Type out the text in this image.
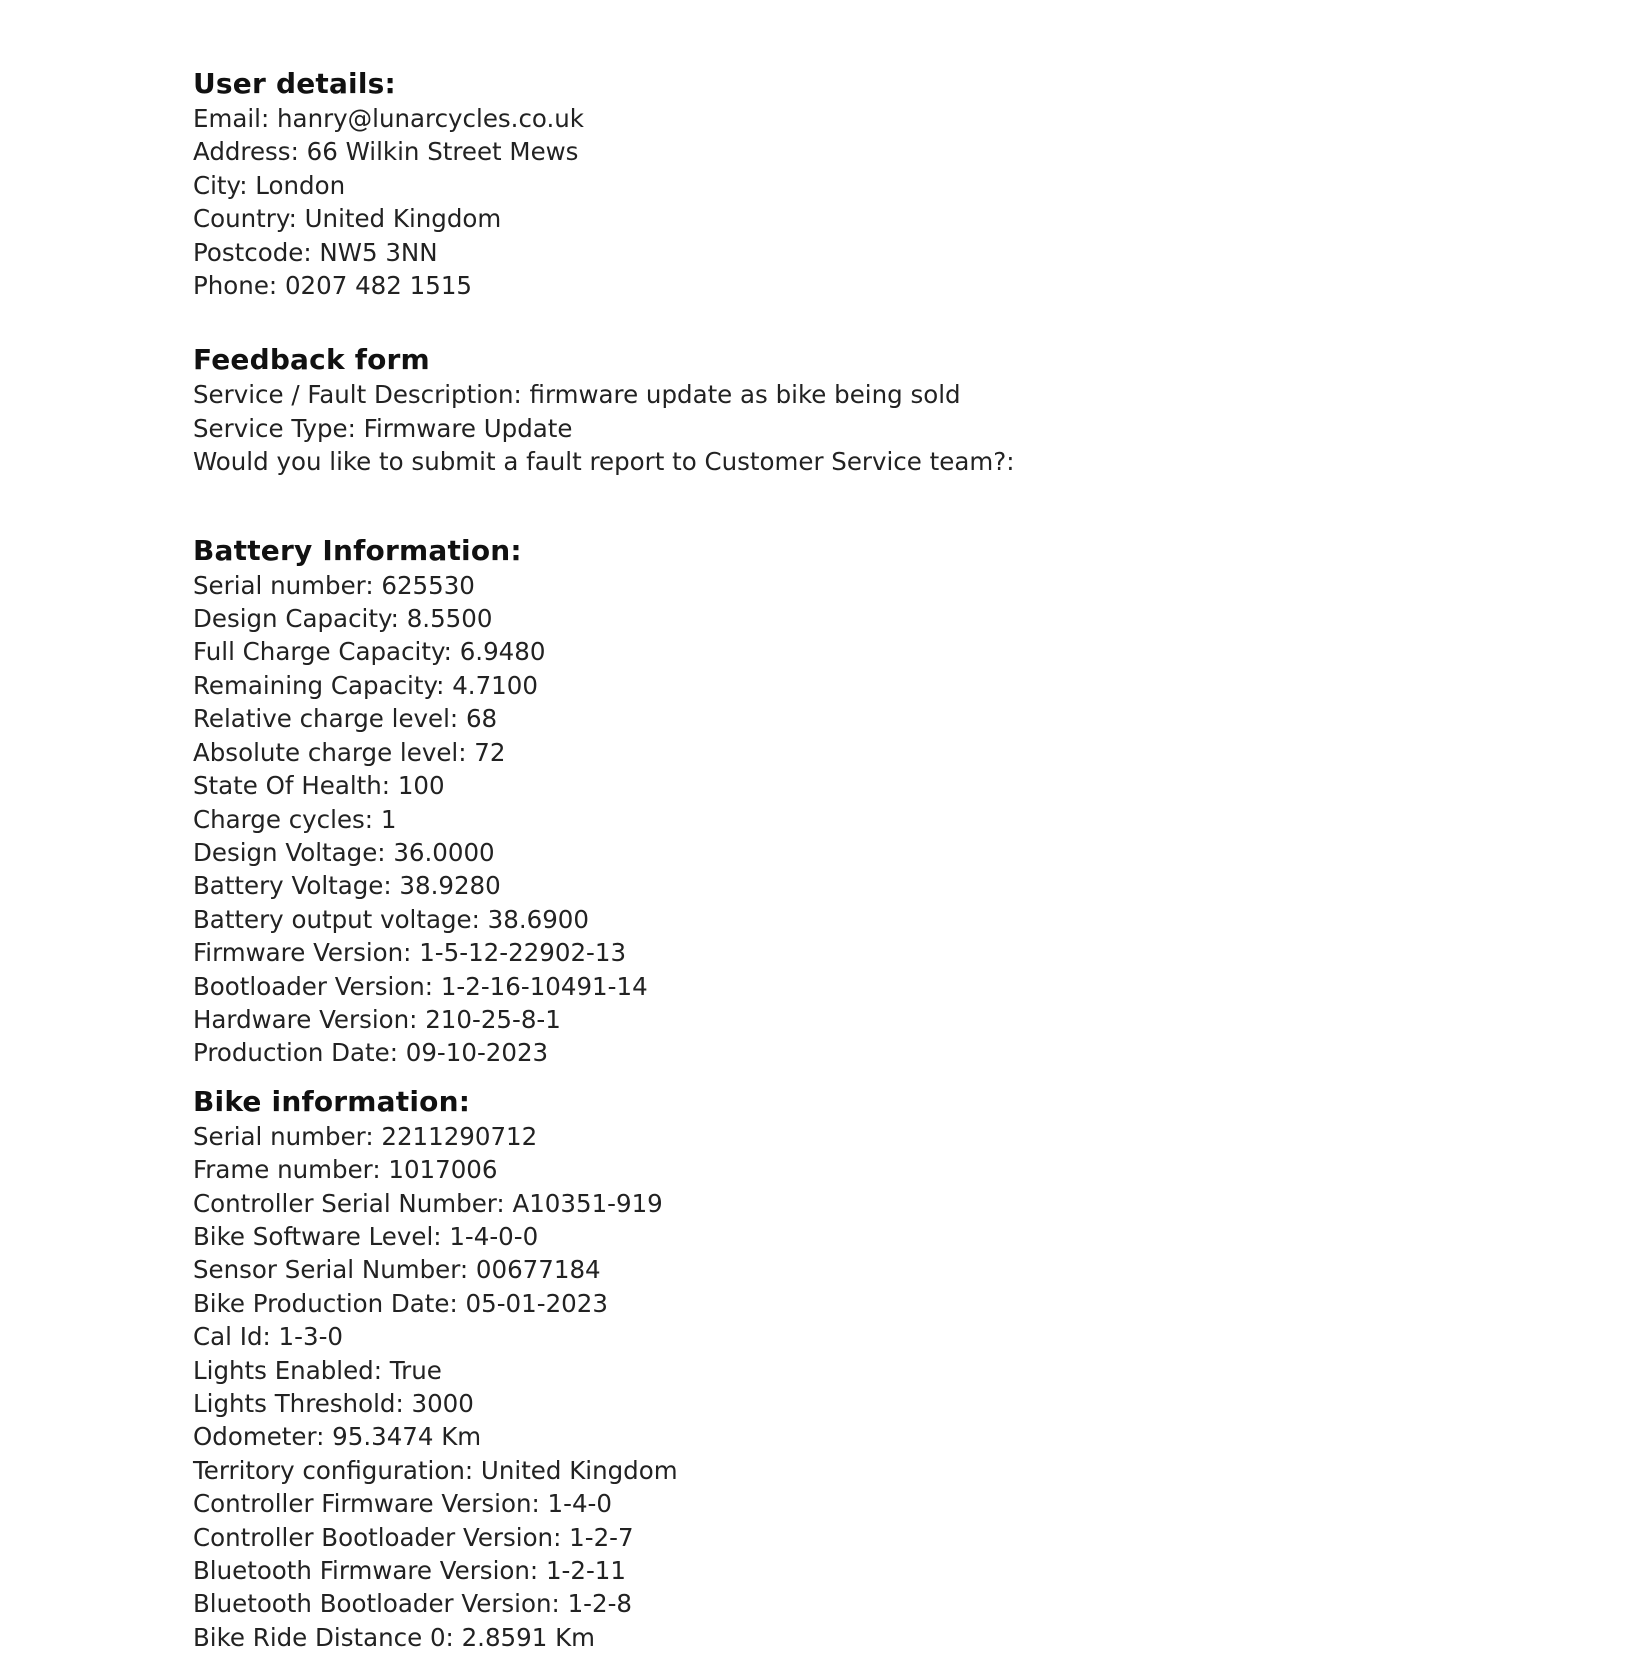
User details:

Email : hanry@lunarcycles.co.uk

Address : 66 Wilkin Street Mews

City : London

Country : United Kingdom

Postcode : NW5 3NN

Phone : 0207 482 1515

Feedback form

Service / Fault Description : firmware update as bike being sold

Service Type : Firmware Update

Would you like to submit a fault report to Customer Service team? :

Battery Information:

Serial number : 625530

Design Capacity : 8.5500

Full Charge Capacity : 6.9480

Remaining Capacity : 4.7100

Relative charge level : 68

Absolute charge level : 72

State Of Health : 100

Charge cycles : 1

Design Voltage : 36.0000

Battery Voltage : 38.9280

Battery output voltage : 38.6900

Firmware Version : 1-5-12-22902-13

Bootloader Version : 1-2-16-10491-14

Hardware Version : 210-25-8-1

Production Date : 09-10-2023

Bike information:

Serial number : 2211290712

Frame number : 1017006

Controller Serial Number : A10351-919

Bike Software Level : 1-4-0-0

Sensor Serial Number : 00677184

Bike Production Date : 05-01-2023

Cal Id : 1-3-0

Lights Enabled : True

Lights Threshold : 3000

Odometer : 95.3474 Km

Territory configuration : United Kingdom

Controller Firmware Version : 1-4-0

Controller Bootloader Version : 1-2-7

Bluetooth Firmware Version : 1-2-11

Bluetooth Bootloader Version : 1-2-8

Bike Ride Distance 0 : 2.8591 Km
